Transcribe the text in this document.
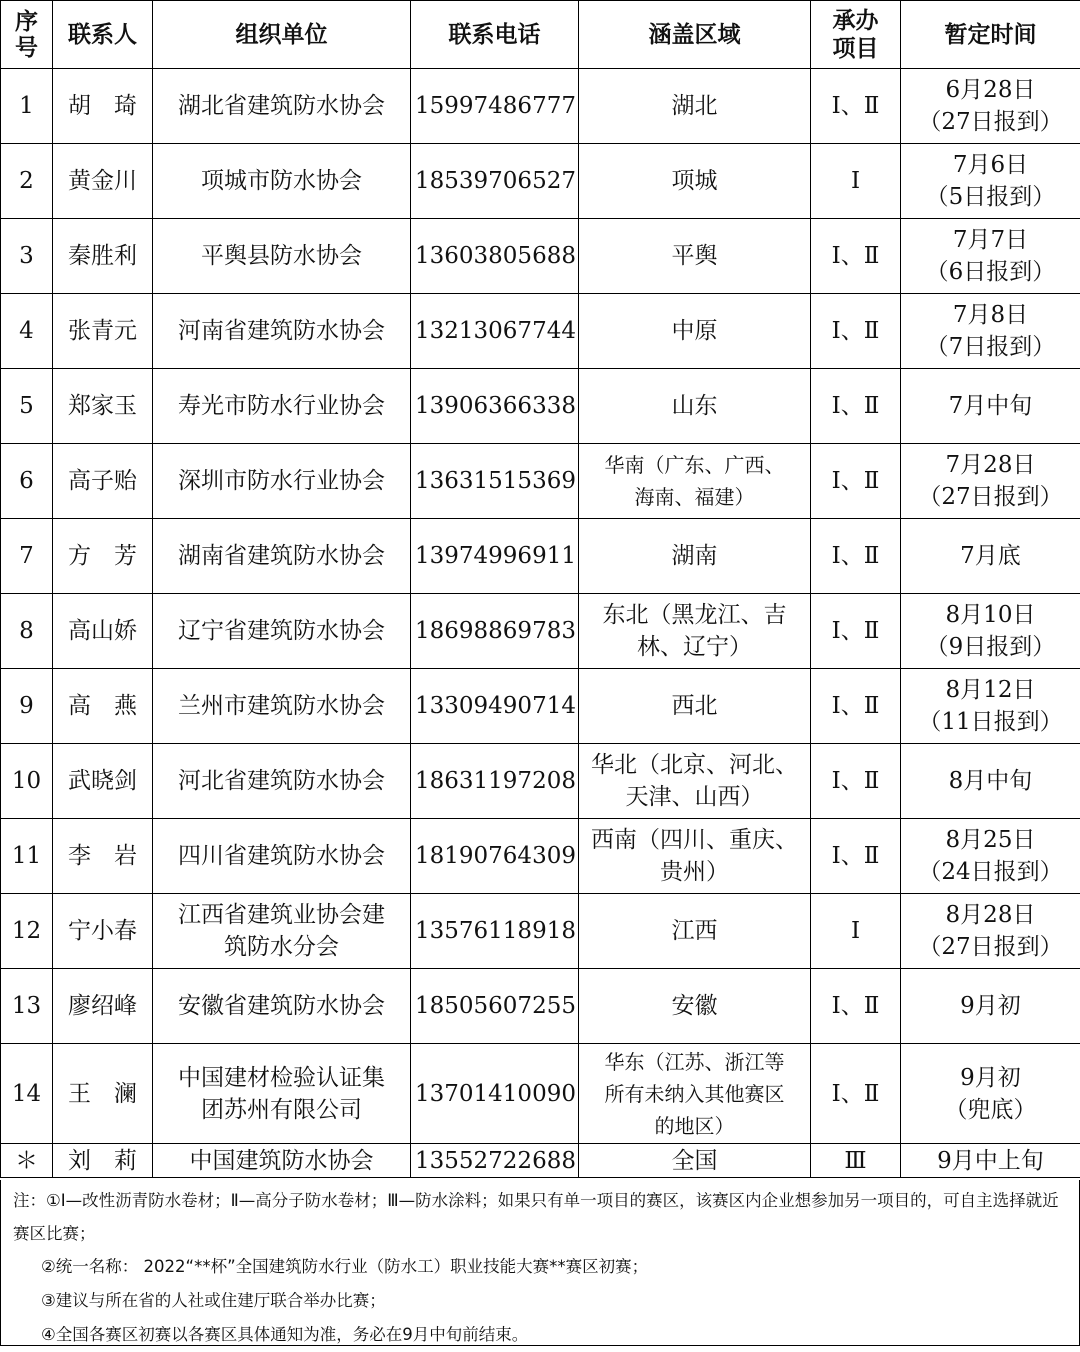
序号	联系人	组织单位	联系电话	涵盖区域	承办项目	暂定时间
1	胡　琦	湖北省建筑防水协会	15997486777	湖北	Ⅰ、Ⅱ	6月28日
（27日报到）

2	黄金川	项城市防水协会	18539706527	项城	Ⅰ	7月6日
（5日报到）

3	秦胜利	平舆县防水协会	13603805688	平舆	Ⅰ、Ⅱ	7月7日
（6日报到）

4	张青元	河南省建筑防水协会	13213067744	中原	Ⅰ、Ⅱ	7月8日
（7日报到）

5	郑家玉	寿光市防水行业协会	13906366338	山东	Ⅰ、Ⅱ	7月中旬

6	高子贻	深圳市防水行业协会	13631515369	华南（广东、广西、
海南、福建）	Ⅰ、Ⅱ	7月28日
（27日报到）

7	方　芳	湖南省建筑防水协会	13974996911	湖南	Ⅰ、Ⅱ	7月底

8	高山娇	辽宁省建筑防水协会	18698869783	东北（黑龙江、吉
林、辽宁）	Ⅰ、Ⅱ	8月10日
（9日报到）

9	高　燕	兰州市建筑防水协会	13309490714	西北	Ⅰ、Ⅱ	8月12日
（11日报到）

10	武晓剑	河北省建筑防水协会	18631197208	华北（北京、河北、
天津、山西）	Ⅰ、Ⅱ	8月中旬

11	李　岩	四川省建筑防水协会	18190764309	西南（四川、重庆、
贵州）	Ⅰ、Ⅱ	8月25日
（24日报到）

12	宁小春	江西省建筑业协会建
筑防水分会	13576118918	江西	Ⅰ	8月28日
（27日报到）

13	廖绍峰	安徽省建筑防水协会	18505607255	安徽	Ⅰ、Ⅱ	9月初

14	王　澜	中国建材检验认证集
团苏州有限公司	13701410090	华东（江苏、浙江等
所有未纳入其他赛区
的地区）	Ⅰ、Ⅱ	9月初
（兜底）

＊	刘　莉	中国建筑防水协会	13552722688	全国	Ⅲ	9月中上旬

注：①Ⅰ—改性沥青防水卷材；Ⅱ—高分子防水卷材；Ⅲ—防水涂料；如果只有单一项目的赛区，该赛区内企业想参加另一项目的，可自主选择就近赛区比赛；

②统一名称： 2022“**杯”全国建筑防水行业（防水工）职业技能大赛**赛区初赛；

③建议与所在省的人社或住建厅联合举办比赛；

④全国各赛区初赛以各赛区具体通知为准，务必在9月中旬前结束。
